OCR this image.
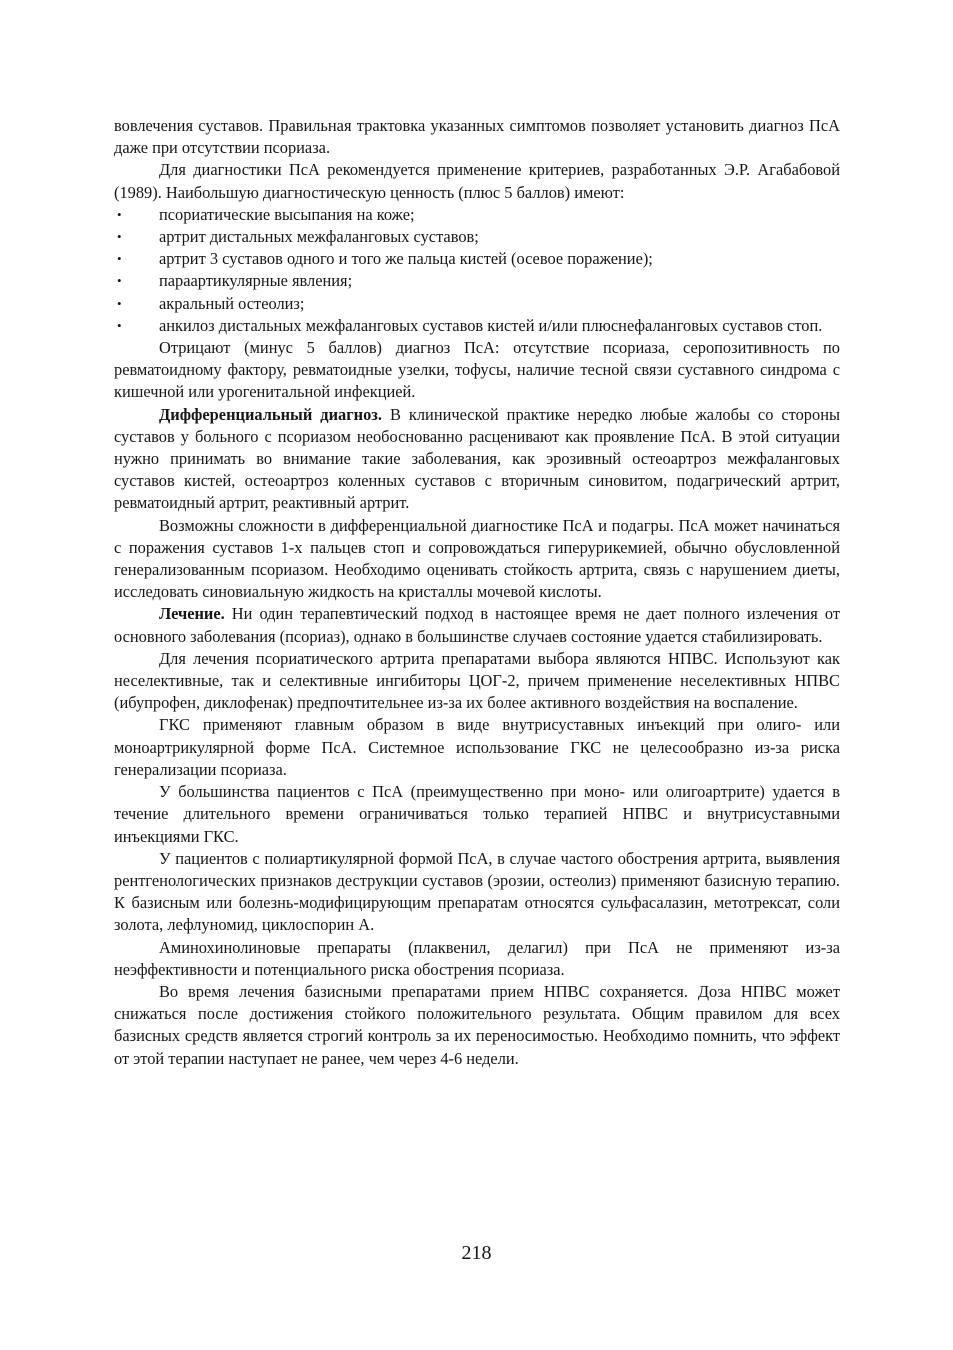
вовлечения суставов. Правильная трактовка указанных симптомов позволяет установить диагноз ПсА даже при отсутствии псориаза.

Для диагностики ПсА рекомендуется применение критериев, разработанных Э.Р. Агабабовой (1989). Наибольшую диагностическую ценность (плюс 5 баллов) имеют:

• псориатические высыпания на коже;
• артрит дистальных межфаланговых суставов;
• артрит 3 суставов одного и того же пальца кистей (осевое поражение);
• параартикулярные явления;
• акральный остеолиз;
• анкилоз дистальных межфаланговых суставов кистей и/или плюснефаланговых суставов стоп.

Отрицают (минус 5 баллов) диагноз ПсА: отсутствие псориаза, серопозитивность по ревматоидному фактору, ревматоидные узелки, тофусы, наличие тесной связи суставного синдрома с кишечной или урогенитальной инфекцией.

Дифференциальный диагноз. В клинической практике нередко любые жалобы со стороны суставов у больного с псориазом необоснованно расценивают как проявление ПсА. В этой ситуации нужно принимать во внимание такие заболевания, как эрозивный остеоартроз межфаланговых суставов кистей, остеоартроз коленных суставов с вторичным синовитом, подагрический артрит, ревматоидный артрит, реактивный артрит.

Возможны сложности в дифференциальной диагностике ПсА и подагры. ПсА может начинаться с поражения суставов 1-х пальцев стоп и сопровождаться гиперурикемией, обычно обусловленной генерализованным псориазом. Необходимо оценивать стойкость артрита, связь с нарушением диеты, исследовать синовиальную жидкость на кристаллы мочевой кислоты.

Лечение. Ни один терапевтический подход в настоящее время не дает полного излечения от основного заболевания (псориаз), однако в большинстве случаев состояние удается стабилизировать.

Для лечения псориатического артрита препаратами выбора являются НПВС. Используют как неселективные, так и селективные ингибиторы ЦОГ-2, причем применение неселективных НПВС (ибупрофен, диклофенак) предпочтительнее из-за их более активного воздействия на воспаление.

ГКС применяют главным образом в виде внутрисуставных инъекций при олиго- или моноартрикулярной форме ПсА. Системное использование ГКС не целесообразно из-за риска генерализации псориаза.

У большинства пациентов с ПсА (преимущественно при моно- или олигоартрите) удается в течение длительного времени ограничиваться только терапией НПВС и внутрисуставными инъекциями ГКС.

У пациентов с полиартикулярной формой ПсА, в случае частого обострения артрита, выявления рентгенологических признаков деструкции суставов (эрозии, остеолиз) применяют базисную терапию. К базисным или болезнь-модифицирующим препаратам относятся сульфасалазин, метотрексат, соли золота, лефлуномид, циклоспорин А.

Аминохинолиновые препараты (плаквенил, делагил) при ПсА не применяют из-за неэффективности и потенциального риска обострения псориаза.

Во время лечения базисными препаратами прием НПВС сохраняется. Доза НПВС может снижаться после достижения стойкого положительного результата. Общим правилом для всех базисных средств является строгий контроль за их переносимостью. Необходимо помнить, что эффект от этой терапии наступает не ранее, чем через 4-6 недели.

218
